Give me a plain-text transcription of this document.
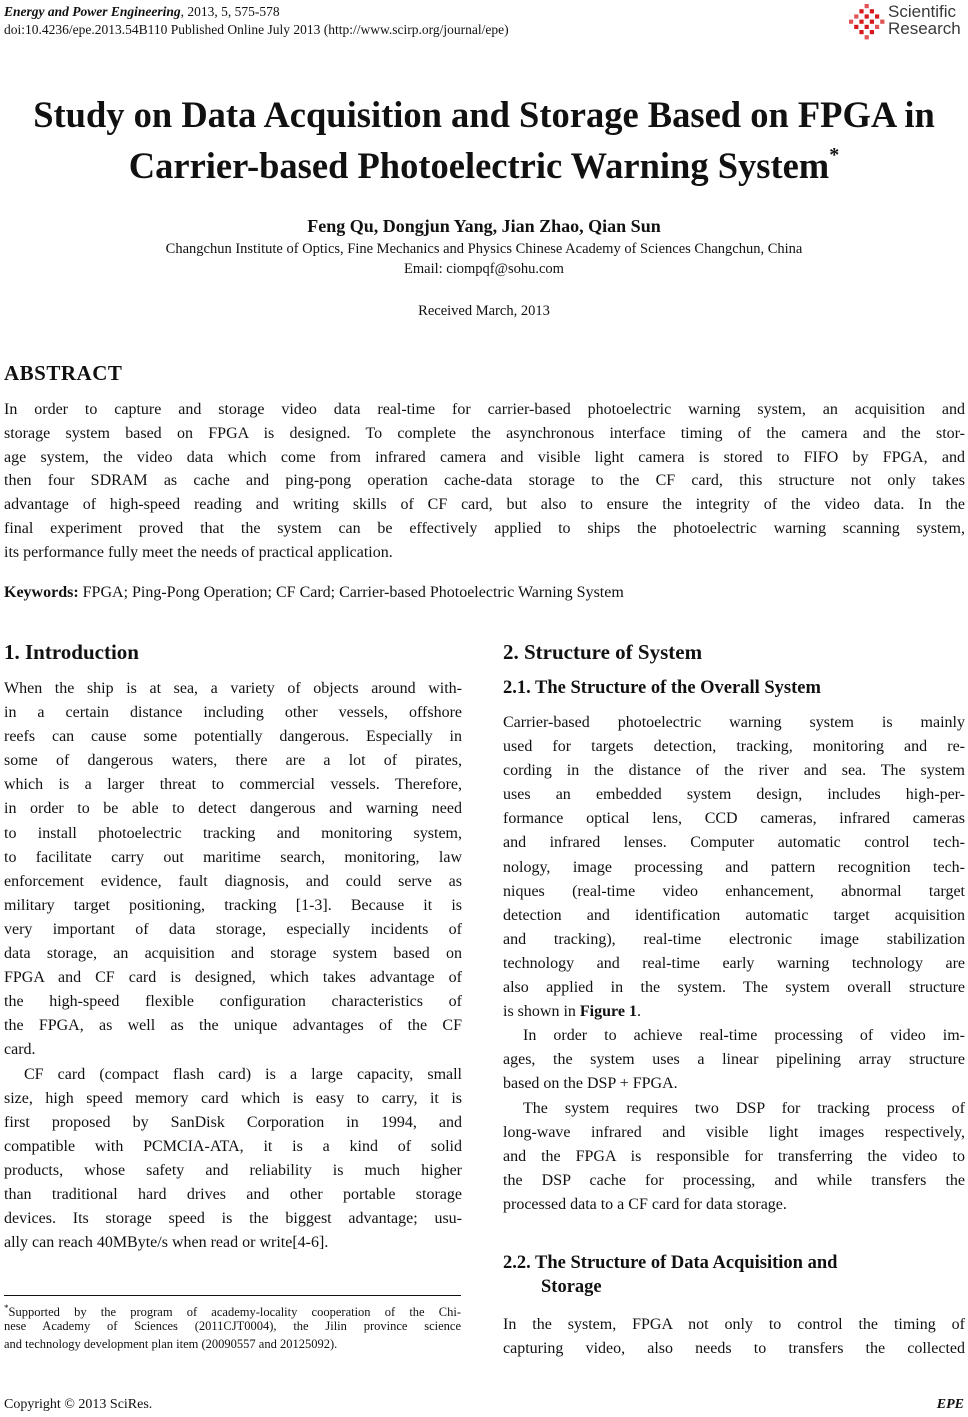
Energy and Power Engineering, 2013, 5, 575-578
doi:10.4236/epe.2013.54B110 Published Online July 2013 (http://www.scirp.org/journal/epe)
Scientific
Research
Study on Data Acquisition and Storage Based on FPGA in
Carrier-based Photoelectric Warning System*
Feng Qu, Dongjun Yang, Jian Zhao, Qian Sun
Changchun Institute of Optics, Fine Mechanics and Physics Chinese Academy of Sciences Changchun, China
Email: ciompqf@sohu.com
Received March, 2013
ABSTRACT
In order to capture and storage video data real-time for carrier-based photoelectric warning system, an acquisition and
storage system based on FPGA is designed. To complete the asynchronous interface timing of the camera and the stor-
age system, the video data which come from infrared camera and visible light camera is stored to FIFO by FPGA, and
then four SDRAM as cache and ping-pong operation cache-data storage to the CF card, this structure not only takes
advantage of high-speed reading and writing skills of CF card, but also to ensure the integrity of the video data. In the
final experiment proved that the system can be effectively applied to ships the photoelectric warning scanning system,
its performance fully meet the needs of practical application.
Keywords: FPGA; Ping-Pong Operation; CF Card; Carrier-based Photoelectric Warning System
1. Introduction
When the ship is at sea, a variety of objects around with-
in a certain distance including other vessels, offshore
reefs can cause some potentially dangerous. Especially in
some of dangerous waters, there are a lot of pirates,
which is a larger threat to commercial vessels. Therefore,
in order to be able to detect dangerous and warning need
to install photoelectric tracking and monitoring system,
to facilitate carry out maritime search, monitoring, law
enforcement evidence, fault diagnosis, and could serve as
military target positioning, tracking [1-3]. Because it is
very important of data storage, especially incidents of
data storage, an acquisition and storage system based on
FPGA and CF card is designed, which takes advantage of
the high-speed flexible configuration characteristics of
the FPGA, as well as the unique advantages of the CF
card.
CF card (compact flash card) is a large capacity, small
size, high speed memory card which is easy to carry, it is
first proposed by SanDisk Corporation in 1994, and
compatible with PCMCIA-ATA, it is a kind of solid
products, whose safety and reliability is much higher
than traditional hard drives and other portable storage
devices. Its storage speed is the biggest advantage; usu-
ally can reach 40MByte/s when read or write[4-6].
*Supported by the program of academy-locality cooperation of the Chi-
nese Academy of Sciences (2011CJT0004), the Jilin province science
and technology development plan item (20090557 and 20125092).
2. Structure of System
2.1. The Structure of the Overall System
Carrier-based photoelectric warning system is mainly
used for targets detection, tracking, monitoring and re-
cording in the distance of the river and sea. The system
uses an embedded system design, includes high-per-
formance optical lens, CCD cameras, infrared cameras
and infrared lenses. Computer automatic control tech-
nology, image processing and pattern recognition tech-
niques (real-time video enhancement, abnormal target
detection and identification automatic target acquisition
and tracking), real-time electronic image stabilization
technology and real-time early warning technology are
also applied in the system. The system overall structure
is shown in Figure 1.
In order to achieve real-time processing of video im-
ages, the system uses a linear pipelining array structure
based on the DSP + FPGA.
The system requires two DSP for tracking process of
long-wave infrared and visible light images respectively,
and the FPGA is responsible for transferring the video to
the DSP cache for processing, and while transfers the
processed data to a CF card for data storage.
2.2. The Structure of Data Acquisition and
Storage
In the system, FPGA not only to control the timing of
capturing video, also needs to transfers the collected
Copyright © 2013 SciRes.	EPE
